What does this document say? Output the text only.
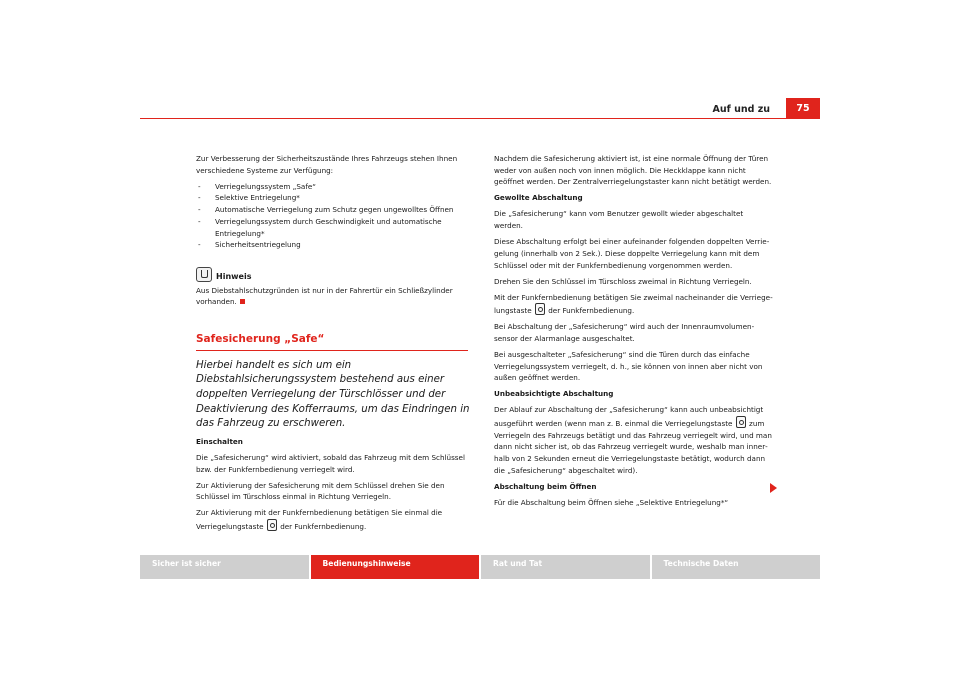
Auf und zu	75

Zur Verbesserung der Sicherheitszustände Ihres Fahrzeugs stehen Ihnen verschiedene Systeme zur Verfügung:

- Verriegelungssystem „Safe“
- Selektive Entriegelung*
- Automatische Verriegelung zum Schutz gegen ungewolltes Öffnen
- Verriegelungssystem durch Geschwindigkeit und automatische Entriegelung*
- Sicherheitsentriegelung
Hinweis

Aus Diebstahlschutzgründen ist nur in der Fahrertür ein Schließzylinder vorhanden.

Safesicherung „Safe“

Hierbei handelt es sich um ein Diebstahlsicherungssystem bestehend aus einer doppelten Verriegelung der Türschlösser und der Deaktivierung des Kofferraums, um das Eindringen in das Fahrzeug zu erschweren.

Einschalten

Die „Safesicherung“ wird aktiviert, sobald das Fahrzeug mit dem Schlüssel bzw. der Funkfernbedienung verriegelt wird.

Zur Aktivierung der Safesicherung mit dem Schlüssel drehen Sie den Schlüssel im Türschloss einmal in Richtung Verriegeln.

Zur Aktivierung mit der Funkfernbedienung betätigen Sie einmal die Verriegelungstaste der Funkfernbedienung.

Nachdem die Safesicherung aktiviert ist, ist eine normale Öffnung der Türen weder von außen noch von innen möglich. Die Heckklappe kann nicht geöffnet werden. Der Zentralverriegelungstaster kann nicht betätigt werden.

Gewollte Abschaltung

Die „Safesicherung“ kann vom Benutzer gewollt wieder abgeschaltet werden.

Diese Abschaltung erfolgt bei einer aufeinander folgenden doppelten Verriegelung (innerhalb von 2 Sek.). Diese doppelte Verriegelung kann mit dem Schlüssel oder mit der Funkfernbedienung vorgenommen werden.

Drehen Sie den Schlüssel im Türschloss zweimal in Richtung Verriegeln.

Mit der Funkfernbedienung betätigen Sie zweimal nacheinander die Verriegelungstaste der Funkfernbedienung.

Bei Abschaltung der „Safesicherung“ wird auch der Innenraumvolumensensor der Alarmanlage ausgeschaltet.

Bei ausgeschalteter „Safesicherung“ sind die Türen durch das einfache Verriegelungssystem verriegelt, d. h., sie können von innen aber nicht von außen geöffnet werden.

Unbeabsichtigte Abschaltung

Der Ablauf zur Abschaltung der „Safesicherung“ kann auch unbeabsichtigt ausgeführt werden (wenn man z. B. einmal die Verriegelungstaste zum Verriegeln des Fahrzeugs betätigt und das Fahrzeug verriegelt wird, und man dann nicht sicher ist, ob das Fahrzeug verriegelt wurde, weshalb man innerhalb von 2 Sekunden erneut die Verriegelungstaste betätigt, wodurch dann die „Safesicherung“ abgeschaltet wird).

Abschaltung beim Öffnen

Für die Abschaltung beim Öffnen siehe „Selektive Entriegelung*“

Sicher ist sicher	Bedienungshinweise	Rat und Tat	Technische Daten
